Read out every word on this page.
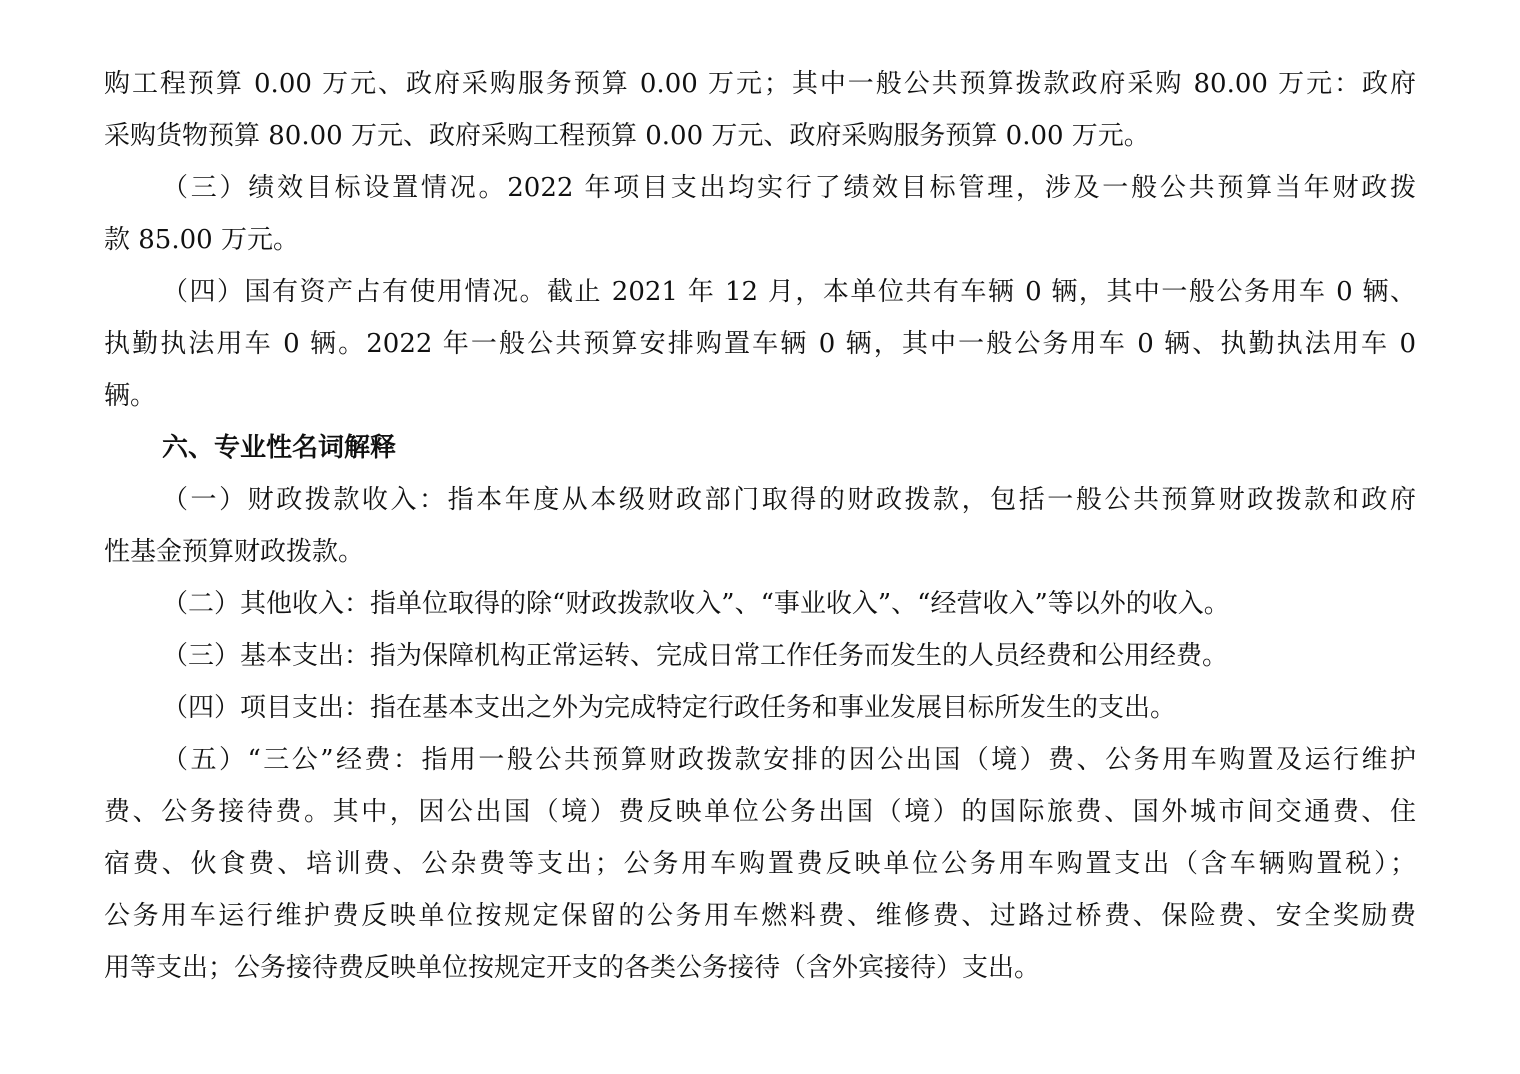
购工程预算 0.00 万元、政府采购服务预算 0.00 万元；其中一般公共预算拨款政府采购 80.00 万元：政府
采购货物预算 80.00 万元、政府采购工程预算 0.00 万元、政府采购服务预算 0.00 万元。
（三）绩效目标设置情况。2022 年项目支出均实行了绩效目标管理，涉及一般公共预算当年财政拨
款 85.00 万元。
（四）国有资产占有使用情况。截止 2021 年 12 月，本单位共有车辆 0 辆，其中一般公务用车 0 辆、
执勤执法用车 0 辆。2022 年一般公共预算安排购置车辆 0 辆，其中一般公务用车 0 辆、执勤执法用车 0
辆。
六、专业性名词解释
（一）财政拨款收入：指本年度从本级财政部门取得的财政拨款，包括一般公共预算财政拨款和政府
性基金预算财政拨款。
（二）其他收入：指单位取得的除“财政拨款收入”、“事业收入”、“经营收入”等以外的收入。
（三）基本支出：指为保障机构正常运转、完成日常工作任务而发生的人员经费和公用经费。
（四）项目支出：指在基本支出之外为完成特定行政任务和事业发展目标所发生的支出。
（五）“三公”经费：指用一般公共预算财政拨款安排的因公出国（境）费、公务用车购置及运行维护
费、公务接待费。其中，因公出国（境）费反映单位公务出国（境）的国际旅费、国外城市间交通费、住
宿费、伙食费、培训费、公杂费等支出；公务用车购置费反映单位公务用车购置支出（含车辆购置税）；
公务用车运行维护费反映单位按规定保留的公务用车燃料费、维修费、过路过桥费、保险费、安全奖励费
用等支出；公务接待费反映单位按规定开支的各类公务接待（含外宾接待）支出。
